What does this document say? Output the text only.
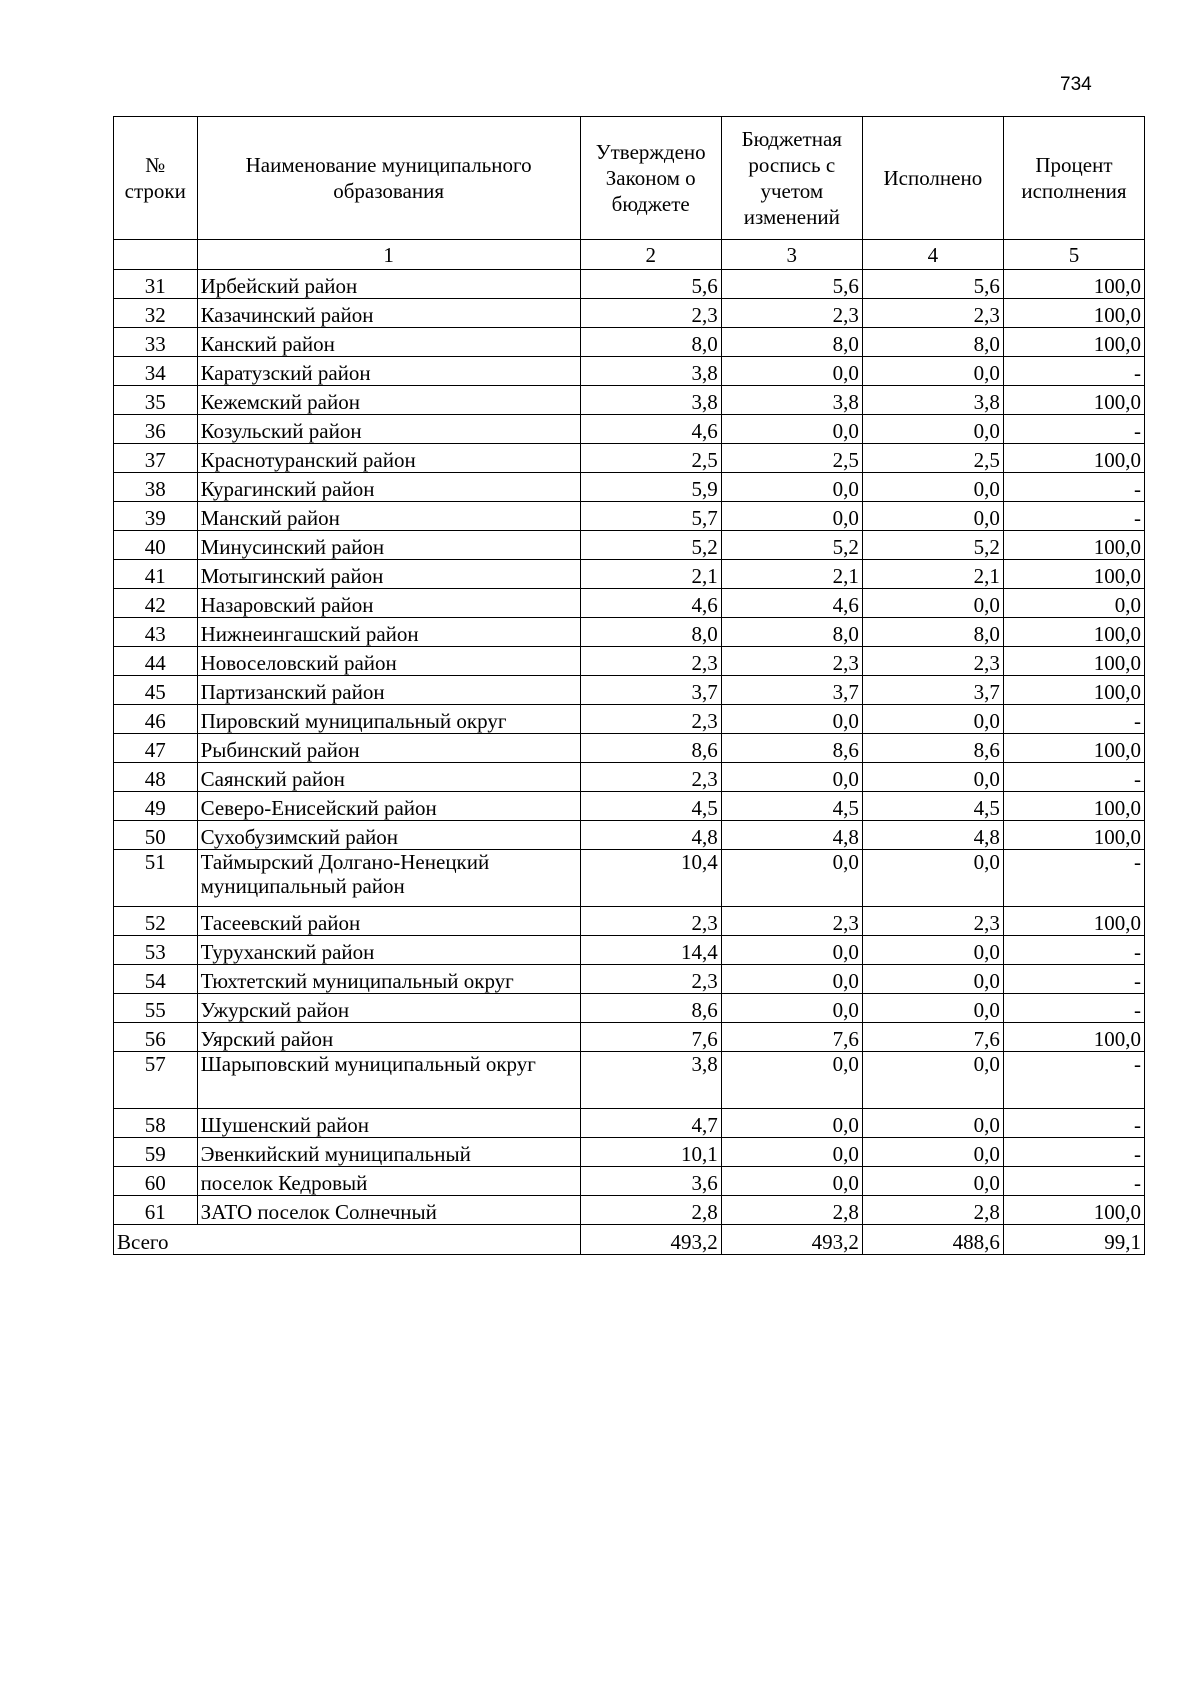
734
№ строки	Наименование муниципального образования	Утверждено Законом о бюджете	Бюджетная роспись с учетом изменений	Исполнено	Процент исполнения
	1	2	3	4	5
31	Ирбейский район	5,6	5,6	5,6	100,0
32	Казачинский район	2,3	2,3	2,3	100,0
33	Канский район	8,0	8,0	8,0	100,0
34	Каратузский район	3,8	0,0	0,0	-
35	Кежемский район	3,8	3,8	3,8	100,0
36	Козульский район	4,6	0,0	0,0	-
37	Краснотуранский район	2,5	2,5	2,5	100,0
38	Курагинский район	5,9	0,0	0,0	-
39	Манский район	5,7	0,0	0,0	-
40	Минусинский район	5,2	5,2	5,2	100,0
41	Мотыгинский район	2,1	2,1	2,1	100,0
42	Назаровский район	4,6	4,6	0,0	0,0
43	Нижнеингашский район	8,0	8,0	8,0	100,0
44	Новоселовский район	2,3	2,3	2,3	100,0
45	Партизанский район	3,7	3,7	3,7	100,0
46	Пировский муниципальный округ	2,3	0,0	0,0	-
47	Рыбинский район	8,6	8,6	8,6	100,0
48	Саянский район	2,3	0,0	0,0	-
49	Северо-Енисейский район	4,5	4,5	4,5	100,0
50	Сухобузимский район	4,8	4,8	4,8	100,0
51	Таймырский Долгано-Ненецкий муниципальный район	10,4	0,0	0,0	-
52	Тасеевский район	2,3	2,3	2,3	100,0
53	Туруханский район	14,4	0,0	0,0	-
54	Тюхтетский муниципальный округ	2,3	0,0	0,0	-
55	Ужурский район	8,6	0,0	0,0	-
56	Уярский район	7,6	7,6	7,6	100,0
57	Шарыповский муниципальный округ	3,8	0,0	0,0	-
58	Шушенский район	4,7	0,0	0,0	-
59	Эвенкийский муниципальный	10,1	0,0	0,0	-
60	поселок Кедровый	3,6	0,0	0,0	-
61	ЗАТО поселок Солнечный	2,8	2,8	2,8	100,0
Всего		493,2	493,2	488,6	99,1
